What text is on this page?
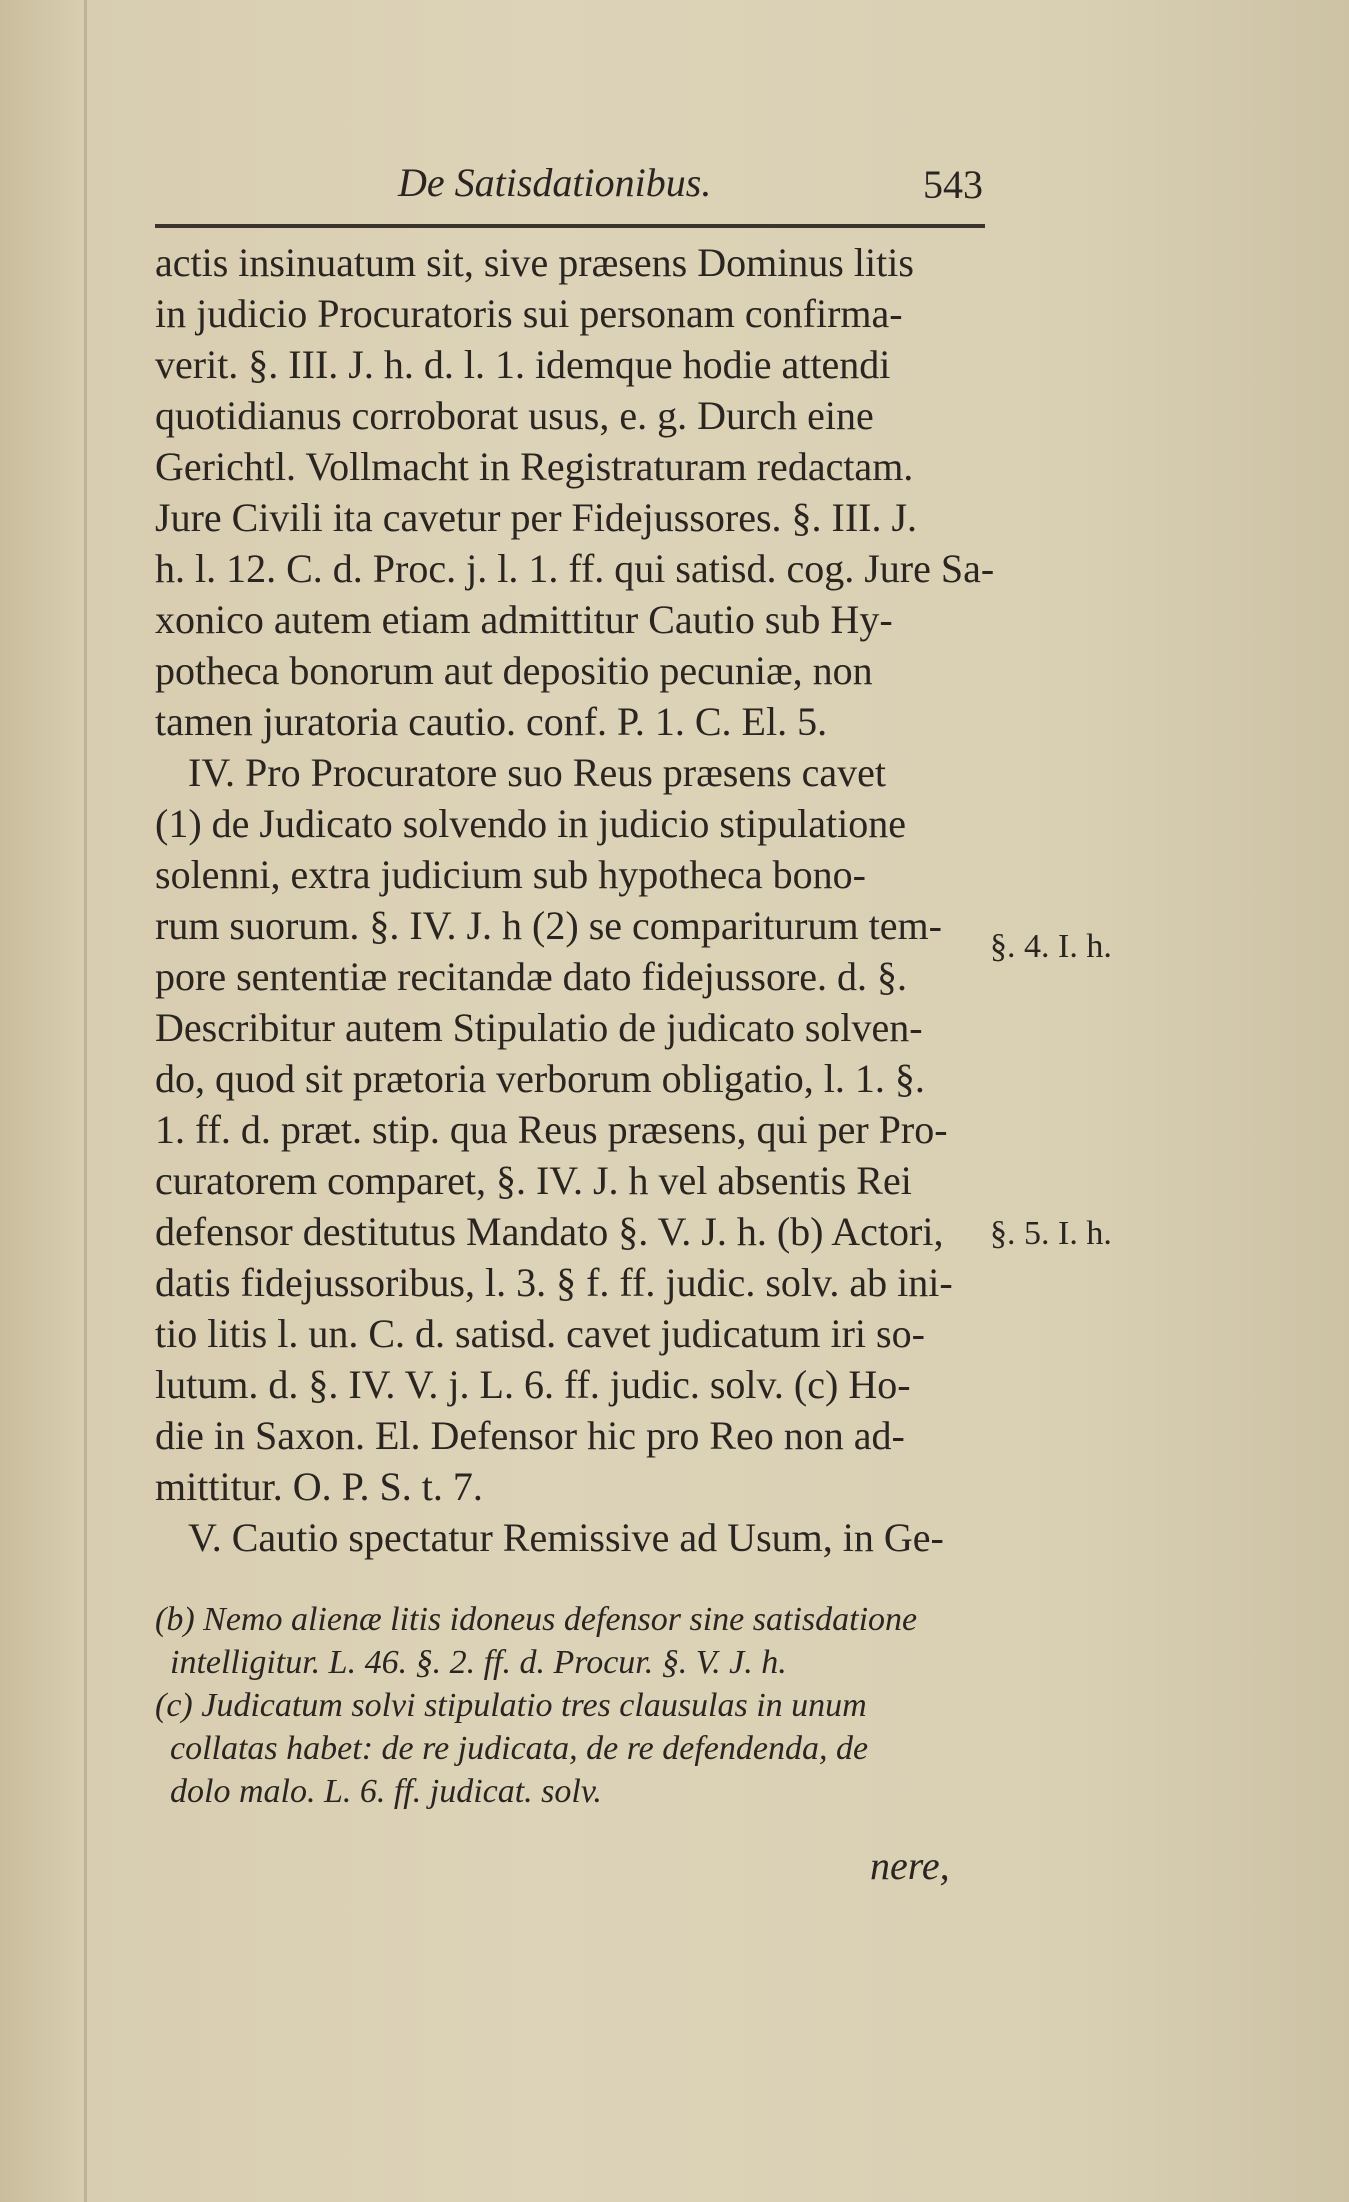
De Satisdationibus.	543
actis insinuatum sit, sive præsens Dominus litis
in judicio Procuratoris sui personam confirma-
verit. §. III. J. h. d. l. 1. idemque hodie attendi
quotidianus corroborat usus, e. g. Durch eine
Gerichtl. Vollmacht in Registraturam redactam.
Jure Civili ita cavetur per Fidejussores. §. III. J.
h. l. 12. C. d. Proc. j. l. 1. ff. qui satisd. cog. Jure Sa-
xonico autem etiam admittitur Cautio sub Hy-
potheca bonorum aut depositio pecuniæ, non
tamen juratoria cautio. conf. P. 1. C. El. 5.
IV. Pro Procuratore suo Reus præsens cavet
(1) de Judicato solvendo in judicio stipulatione
solenni, extra judicium sub hypotheca bono-
rum suorum. §. IV. J. h (2) se compariturum tem-
pore sententiæ recitandæ dato fidejussore. d. §.
Describitur autem Stipulatio de judicato solven-
do, quod sit prætoria verborum obligatio, l. 1. §.
1. ff. d. præt. stip. qua Reus præsens, qui per Pro-
curatorem comparet, §. IV. J. h vel absentis Rei
defensor destitutus Mandato §. V. J. h. (b) Actori,
datis fidejussoribus, l. 3. § f. ff. judic. solv. ab ini-
tio litis l. un. C. d. satisd. cavet judicatum iri so-
lutum. d. §. IV. V. j. L. 6. ff. judic. solv. (c) Ho-
die in Saxon. El. Defensor hic pro Reo non ad-
mittitur. O. P. S. t. 7.
V. Cautio spectatur Remissive ad Usum, in Ge-
§. 4. I. h.
§. 5. I. h.
(b) Nemo alienæ litis idoneus defensor sine satisdatione
intelligitur. L. 46. §. 2. ff. d. Procur. §. V. J. h.
(c) Judicatum solvi stipulatio tres clausulas in unum
collatas habet: de re judicata, de re defendenda, de
dolo malo. L. 6. ff. judicat. solv.
nere,
